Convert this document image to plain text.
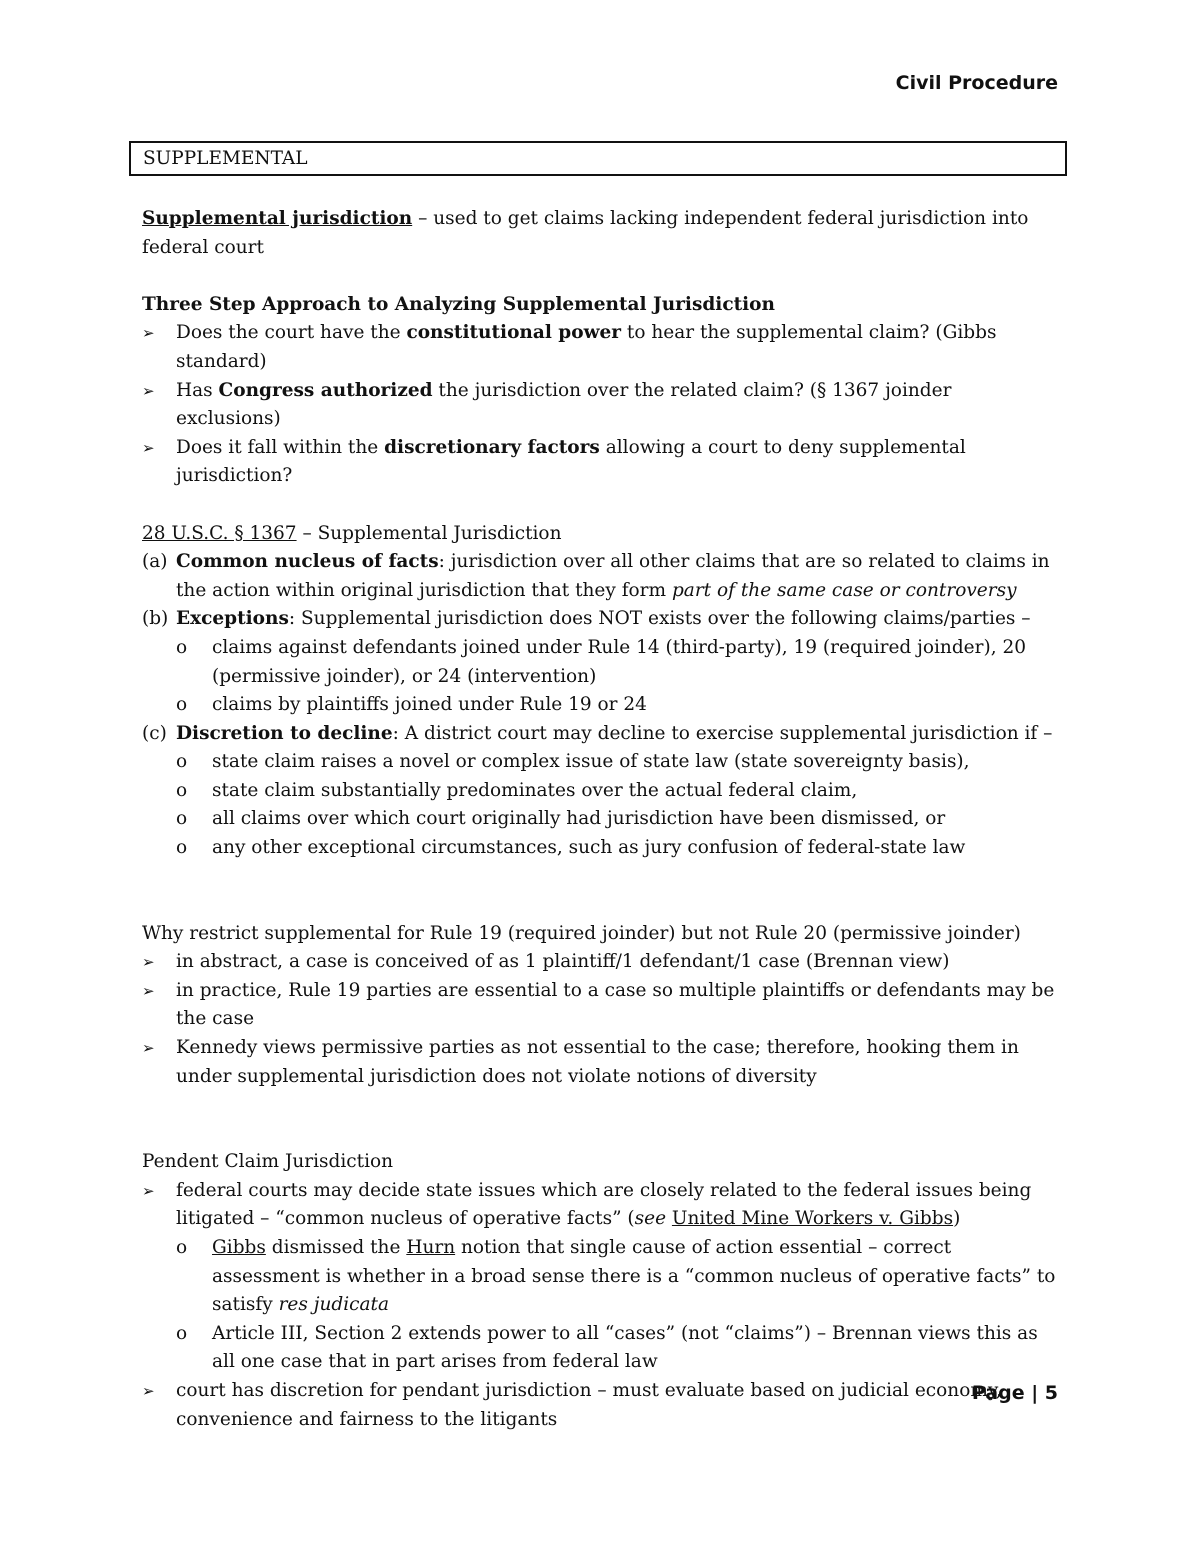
Civil Procedure
SUPPLEMENTAL

Supplemental jurisdiction – used to get claims lacking independent federal jurisdiction into federal court

Three Step Approach to Analyzing Supplemental Jurisdiction

➢	Does the court have the constitutional power to hear the supplemental claim? (Gibbs standard)
➢	Has Congress authorized the jurisdiction over the related claim? (§ 1367 joinder exclusions)
➢	Does it fall within the discretionary factors allowing a court to deny supplemental jurisdiction?

28 U.S.C. § 1367 – Supplemental Jurisdiction

(a) Common nucleus of facts: jurisdiction over all other claims that are so related to claims in the action within original jurisdiction that they form part of the same case or controversy
(b) Exceptions: Supplemental jurisdiction does NOT exists over the following claims/parties –
o	claims against defendants joined under Rule 14 (third-party), 19 (required joinder), 20 (permissive joinder), or 24 (intervention)
o	claims by plaintiffs joined under Rule 19 or 24
(c) Discretion to decline: A district court may decline to exercise supplemental jurisdiction if –
o	state claim raises a novel or complex issue of state law (state sovereignty basis),
o	state claim substantially predominates over the actual federal claim,
o	all claims over which court originally had jurisdiction have been dismissed, or
o	any other exceptional circumstances, such as jury confusion of federal-state law

Why restrict supplemental for Rule 19 (required joinder) but not Rule 20 (permissive joinder)

➢	in abstract, a case is conceived of as 1 plaintiff/1 defendant/1 case (Brennan view)
➢	in practice, Rule 19 parties are essential to a case so multiple plaintiffs or defendants may be the case
➢	Kennedy views permissive parties as not essential to the case; therefore, hooking them in under supplemental jurisdiction does not violate notions of diversity

Pendent Claim Jurisdiction

➢	federal courts may decide state issues which are closely related to the federal issues being litigated – “common nucleus of operative facts” (see United Mine Workers v. Gibbs)
o	Gibbs dismissed the Hurn notion that single cause of action essential – correct assessment is whether in a broad sense there is a “common nucleus of operative facts” to satisfy res judicata
o	Article III, Section 2 extends power to all “cases” (not “claims”) – Brennan views this as all one case that in part arises from federal law
➢	court has discretion for pendant jurisdiction – must evaluate based on judicial economy, convenience and fairness to the litigants
Page | 5
